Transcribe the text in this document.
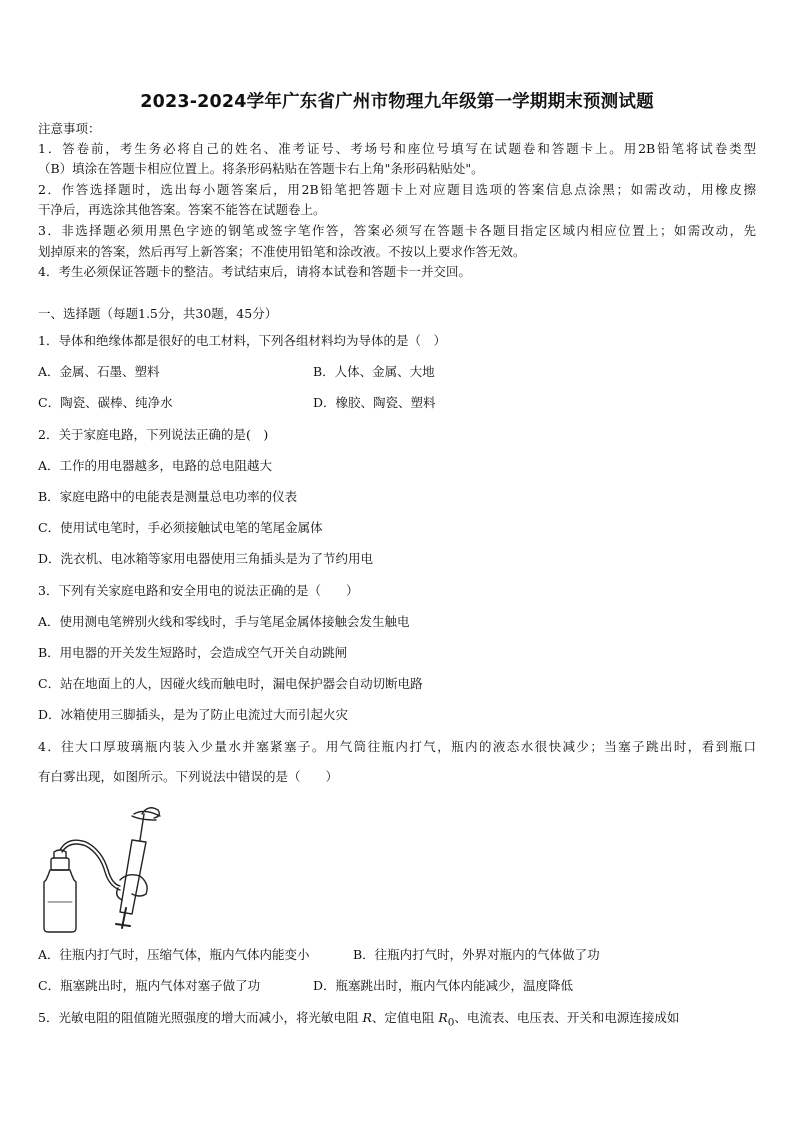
2023-2024学年广东省广州市物理九年级第一学期期末预测试题
注意事项：
1．答卷前，考生务必将自己的姓名、准考证号、考场号和座位号填写在试题卷和答题卡上。用2B铅笔将试卷类型
（B）填涂在答题卡相应位置上。将条形码粘贴在答题卡右上角"条形码粘贴处"。
2．作答选择题时，选出每小题答案后，用2B铅笔把答题卡上对应题目选项的答案信息点涂黑；如需改动，用橡皮擦
干净后，再选涂其他答案。答案不能答在试题卷上。
3．非选择题必须用黑色字迹的钢笔或签字笔作答，答案必须写在答题卡各题目指定区域内相应位置上；如需改动，先
划掉原来的答案，然后再写上新答案；不准使用铅笔和涂改液。不按以上要求作答无效。
4．考生必须保证答题卡的整洁。考试结束后，请将本试卷和答题卡一并交回。
一、选择题（每题1.5分，共30题，45分）
1．导体和绝缘体都是很好的电工材料，下列各组材料均为导体的是（　）
A．金属、石墨、塑料	B．人体、金属、大地
C．陶瓷、碳棒、纯净水	D．橡胶、陶瓷、塑料
2．关于家庭电路，下列说法正确的是(　)
A．工作的用电器越多，电路的总电阻越大
B．家庭电路中的电能表是测量总电功率的仪表
C．使用试电笔时，手必须接触试电笔的笔尾金属体
D．洗衣机、电冰箱等家用电器使用三角插头是为了节约用电
3．下列有关家庭电路和安全用电的说法正确的是（　　）
A．使用测电笔辨别火线和零线时，手与笔尾金属体接触会发生触电
B．用电器的开关发生短路时，会造成空气开关自动跳闸
C．站在地面上的人，因碰火线而触电时，漏电保护器会自动切断电路
D．冰箱使用三脚插头，是为了防止电流过大而引起火灾
4．往大口厚玻璃瓶内装入少量水并塞紧塞子。用气筒往瓶内打气，瓶内的液态水很快减少；当塞子跳出时，看到瓶口
有白雾出现，如图所示。下列说法中错误的是（　　）
A．往瓶内打气时，压缩气体，瓶内气体内能变小	B．往瓶内打气时，外界对瓶内的气体做了功
C．瓶塞跳出时，瓶内气体对塞子做了功	D．瓶塞跳出时，瓶内气体内能减少，温度降低
5．光敏电阻的阻值随光照强度的增大而减小，将光敏电阻 R、定值电阻 $R_0$、电流表、电压表、开关和电源连接成如
